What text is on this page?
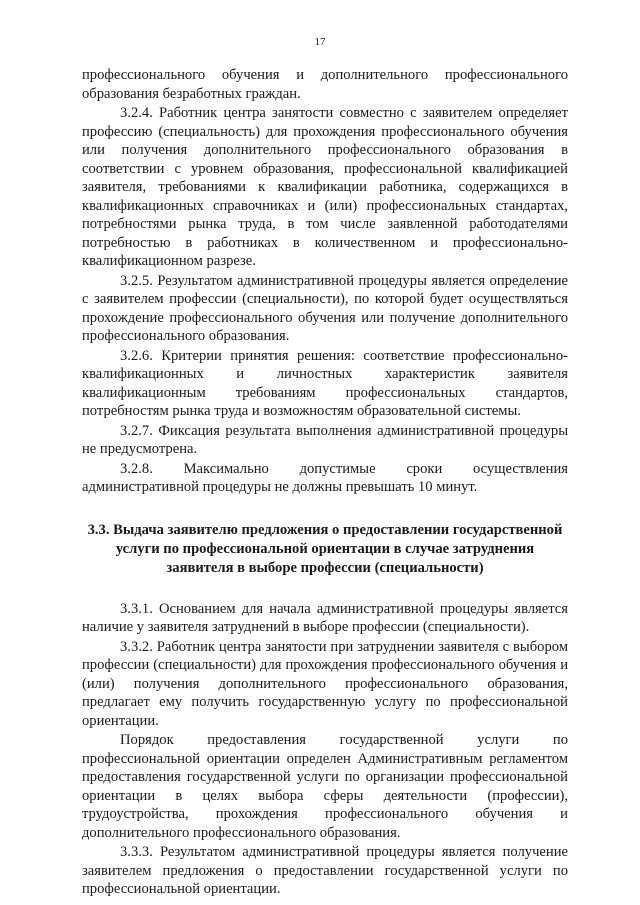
17

профессионального обучения и дополнительного профессионального образования безработных граждан.

3.2.4. Работник центра занятости совместно с заявителем определяет профессию (специальность) для прохождения профессионального обучения или получения дополнительного профессионального образования в соответствии с уровнем образования, профессиональной квалификацией заявителя, требованиями к квалификации работника, содержащихся в квалификационных справочниках и (или) профессиональных стандартах, потребностями рынка труда, в том числе заявленной работодателями потребностью в работниках в количественном и профессионально-квалификационном разрезе.

3.2.5. Результатом административной процедуры является определение с заявителем профессии (специальности), по которой будет осуществляться прохождение профессионального обучения или получение дополнительного профессионального образования.

3.2.6. Критерии принятия решения: соответствие профессионально-квалификационных и личностных характеристик заявителя квалификационным требованиям профессиональных стандартов, потребностям рынка труда и возможностям образовательной системы.

3.2.7. Фиксация результата выполнения административной процедуры не предусмотрена.

3.2.8. Максимально допустимые сроки осуществления административной процедуры не должны превышать 10 минут.

3.3. Выдача заявителю предложения о предоставлении государственной услуги по профессиональной ориентации в случае затруднения заявителя в выборе профессии (специальности)

3.3.1. Основанием для начала административной процедуры является наличие у заявителя затруднений в выборе профессии (специальности).

3.3.2. Работник центра занятости при затруднении заявителя с выбором профессии (специальности) для прохождения профессионального обучения и (или) получения дополнительного профессионального образования, предлагает ему получить государственную услугу по профессиональной ориентации.

Порядок предоставления государственной услуги по профессиональной ориентации определен Административным регламентом предоставления государственной услуги по организации профессиональной ориентации в целях выбора сферы деятельности (профессии), трудоустройства, прохождения профессионального обучения и дополнительного профессионального образования.

3.3.3. Результатом административной процедуры является получение заявителем предложения о предоставлении государственной услуги по профессиональной ориентации.
